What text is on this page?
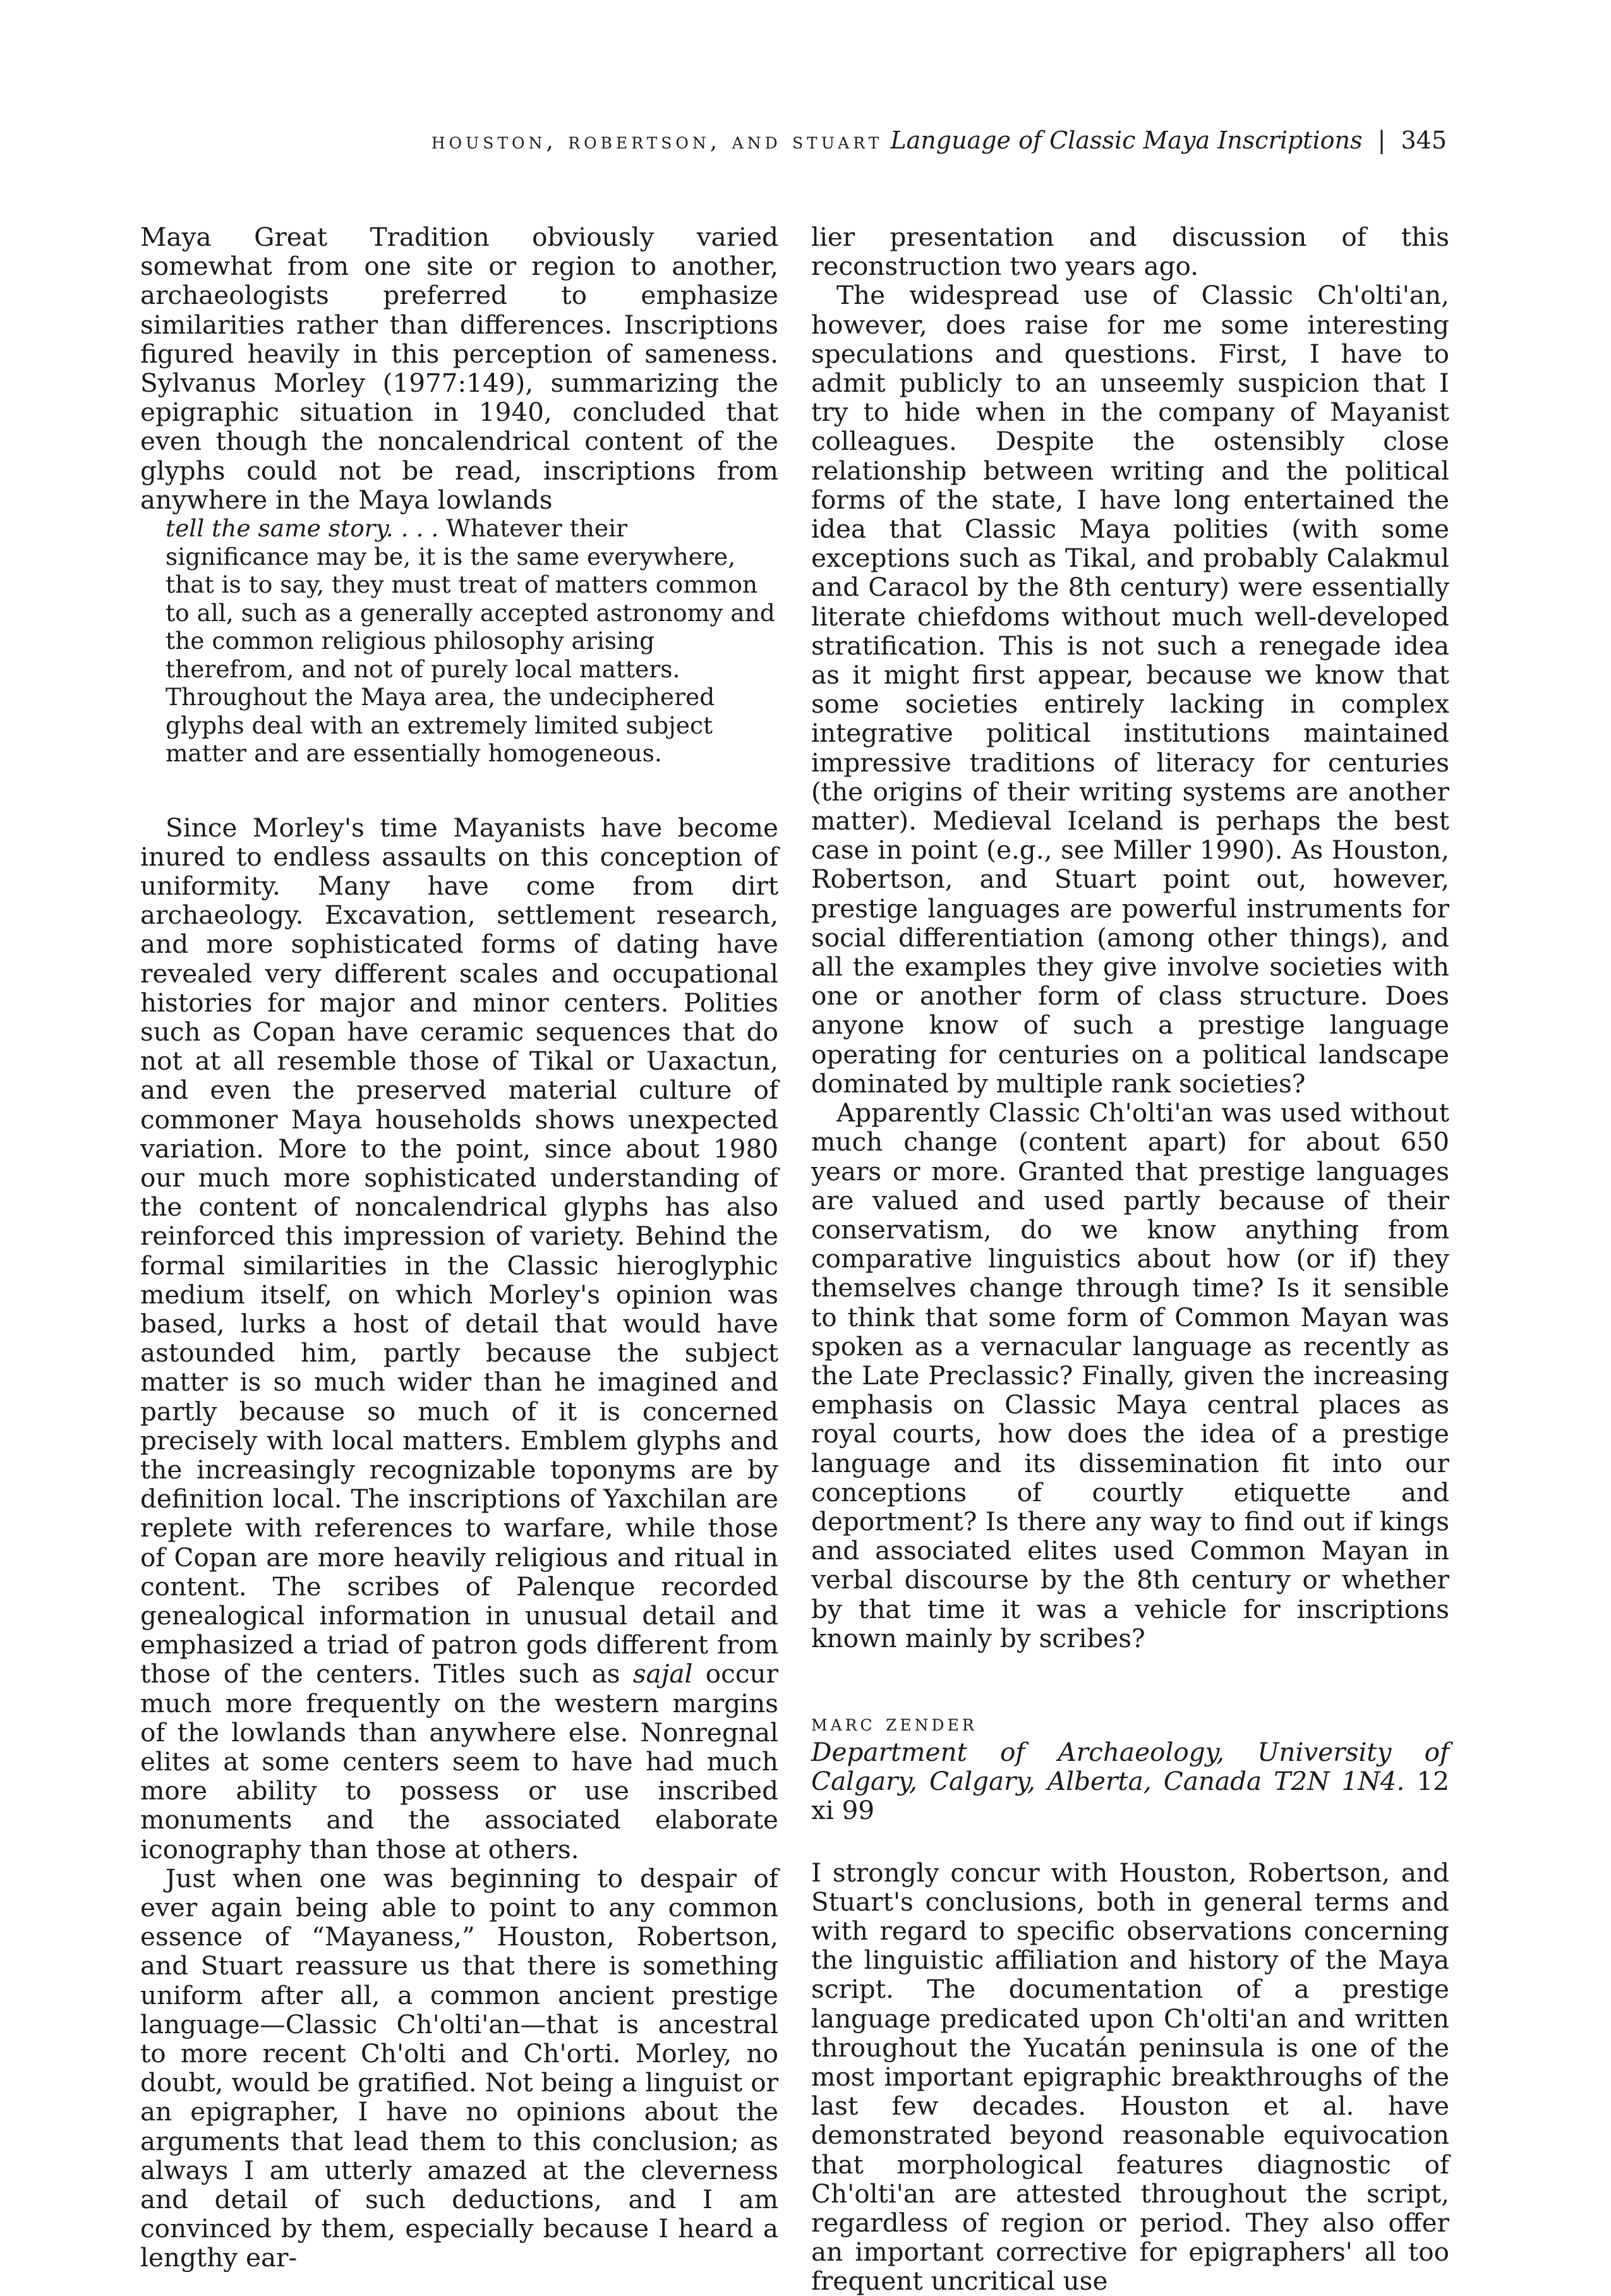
houston, robertson, and stuart Language of Classic Maya Inscriptions | 345

Maya Great Tradition obviously varied somewhat from one site or region to another, archaeologists preferred to emphasize similarities rather than differences. Inscriptions figured heavily in this perception of sameness. Sylvanus Morley (1977:149), summarizing the epigraphic situation in 1940, concluded that even though the noncalendrical content of the glyphs could not be read, inscriptions from anywhere in the Maya lowlands

tell the same story. . . . Whatever their significance may be, it is the same everywhere, that is to say, they must treat of matters common to all, such as a generally accepted astronomy and the common religious philosophy arising therefrom, and not of purely local matters. Throughout the Maya area, the undeciphered glyphs deal with an extremely limited subject matter and are essentially homogeneous.

Since Morley's time Mayanists have become inured to endless assaults on this conception of uniformity. Many have come from dirt archaeology. Excavation, settlement research, and more sophisticated forms of dating have revealed very different scales and occupational histories for major and minor centers. Polities such as Copan have ceramic sequences that do not at all resemble those of Tikal or Uaxactun, and even the preserved material culture of commoner Maya households shows unexpected variation. More to the point, since about 1980 our much more sophisticated understanding of the content of noncalendrical glyphs has also reinforced this impression of variety. Behind the formal similarities in the Classic hieroglyphic medium itself, on which Morley's opinion was based, lurks a host of detail that would have astounded him, partly because the subject matter is so much wider than he imagined and partly because so much of it is concerned precisely with local matters. Emblem glyphs and the increasingly recognizable toponyms are by definition local. The inscriptions of Yaxchilan are replete with references to warfare, while those of Copan are more heavily religious and ritual in content. The scribes of Palenque recorded genealogical information in unusual detail and emphasized a triad of patron gods different from those of the centers. Titles such as sajal occur much more frequently on the western margins of the lowlands than anywhere else. Nonregnal elites at some centers seem to have had much more ability to possess or use inscribed monuments and the associated elaborate iconography than those at others.

Just when one was beginning to despair of ever again being able to point to any common essence of “Mayaness,” Houston, Robertson, and Stuart reassure us that there is something uniform after all, a common ancient prestige language—Classic Ch'olti'an—that is ancestral to more recent Ch'olti and Ch'orti. Morley, no doubt, would be gratified. Not being a linguist or an epigrapher, I have no opinions about the arguments that lead them to this conclusion; as always I am utterly amazed at the cleverness and detail of such deductions, and I am convinced by them, especially because I heard a lengthy ear-

lier presentation and discussion of this reconstruction two years ago.

The widespread use of Classic Ch'olti'an, however, does raise for me some interesting speculations and questions. First, I have to admit publicly to an unseemly suspicion that I try to hide when in the company of Mayanist colleagues. Despite the ostensibly close relationship between writing and the political forms of the state, I have long entertained the idea that Classic Maya polities (with some exceptions such as Tikal, and probably Calakmul and Caracol by the 8th century) were essentially literate chiefdoms without much well-developed stratification. This is not such a renegade idea as it might first appear, because we know that some societies entirely lacking in complex integrative political institutions maintained impressive traditions of literacy for centuries (the origins of their writing systems are another matter). Medieval Iceland is perhaps the best case in point (e.g., see Miller 1990). As Houston, Robertson, and Stuart point out, however, prestige languages are powerful instruments for social differentiation (among other things), and all the examples they give involve societies with one or another form of class structure. Does anyone know of such a prestige language operating for centuries on a political landscape dominated by multiple rank societies?

Apparently Classic Ch'olti'an was used without much change (content apart) for about 650 years or more. Granted that prestige languages are valued and used partly because of their conservatism, do we know anything from comparative linguistics about how (or if) they themselves change through time? Is it sensible to think that some form of Common Mayan was spoken as a vernacular language as recently as the Late Preclassic? Finally, given the increasing emphasis on Classic Maya central places as royal courts, how does the idea of a prestige language and its dissemination fit into our conceptions of courtly etiquette and deportment? Is there any way to find out if kings and associated elites used Common Mayan in verbal discourse by the 8th century or whether by that time it was a vehicle for inscriptions known mainly by scribes?

marc zender
Department of Archaeology, University of Calgary, Calgary, Alberta, Canada T2N 1N4. 12 xi 99

I strongly concur with Houston, Robertson, and Stuart's conclusions, both in general terms and with regard to specific observations concerning the linguistic affiliation and history of the Maya script. The documentation of a prestige language predicated upon Ch'olti'an and written throughout the Yucatán peninsula is one of the most important epigraphic breakthroughs of the last few decades. Houston et al. have demonstrated beyond reasonable equivocation that morphological features diagnostic of Ch'olti'an are attested throughout the script, regardless of region or period. They also offer an important corrective for epigraphers' all too frequent uncritical use
